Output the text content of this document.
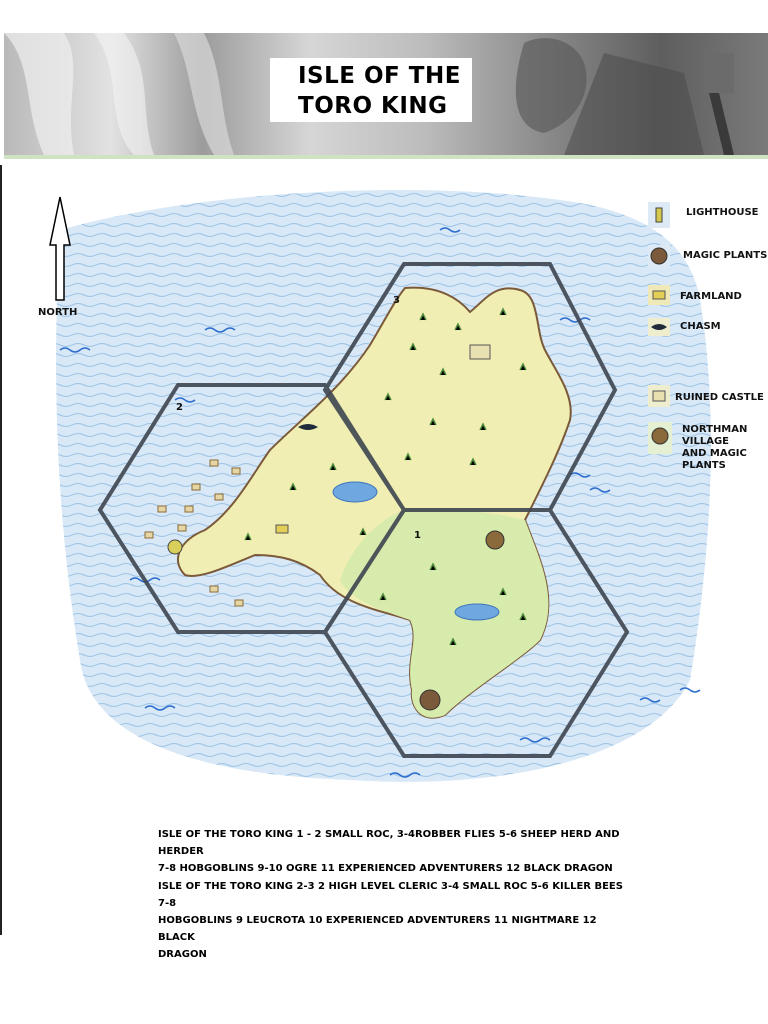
ISLE OF THE
TORO KING
NORTH
1
2
3
LIGHTHOUSE
MAGIC PLANTS
FARMLAND
CHASM
RUINED CASTLE
NORTHMAN
VILLAGE
AND MAGIC
PLANTS
ISLE OF THE TORO KING 1 - 2 SMALL ROC, 3-4ROBBER FLIES 5-6 SHEEP HERD AND HERDER
7-8 HOBGOBLINS 9-10 OGRE 11 EXPERIENCED ADVENTURERS 12 BLACK DRAGON
ISLE OF THE TORO KING 2-3 2 HIGH LEVEL CLERIC 3-4 SMALL ROC 5-6 KILLER BEES 7-8
HOBGOBLINS 9 LEUCROTA 10 EXPERIENCED ADVENTURERS 11 NIGHTMARE 12 BLACK
DRAGON
